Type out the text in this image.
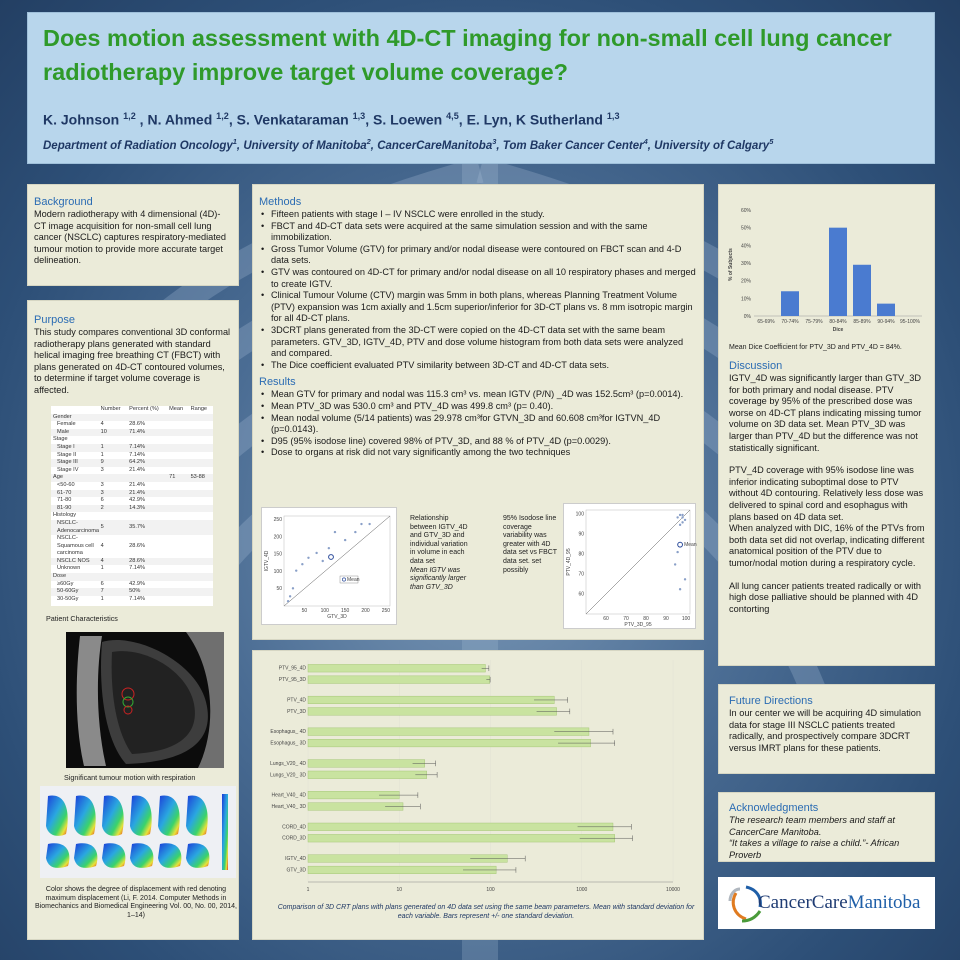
Does motion assessment with 4D-CT imaging for non-small cell lung cancer radiotherapy improve target volume coverage?
K. Johnson $^{1,2}$ , N. Ahmed $^{1,2}$, S. Venkataraman $^{1,3}$, S. Loewen $^{4,5}$, E. Lyn, K Sutherland $^{1,3}$
Department of Radiation Oncology$^1$, University of Manitoba$^2$, CancerCareManitoba$^3$, Tom Baker Cancer Center$^4$, University of Calgary$^5$
Background
Modern radiotherapy with 4 dimensional (4D)-CT image acquisition for non-small cell lung cancer (NSCLC) captures respiratory-mediated tumour motion to provide more accurate target delineation.
Purpose
This study compares conventional 3D conformal radiotherapy plans generated with standard helical imaging free breathing CT (FBCT) with plans generated on 4D-CT contoured volumes, to determine if target volume coverage is affected.
	Number	Percent (%)	Mean	Range
Gender				
Female	4	28.6%		
Male	10	71.4%		
Stage				
Stage I	1	7.14%		
Stage II	1	7.14%		
Stage III	9	64.2%		
Stage IV	3	21.4%		
Age			71	53-88
<50-60	3	21.4%		
61-70	3	21.4%		
71-80	6	42.9%		
81-90	2	14.3%		
Histology				
NSCLC-Adenocarcinoma	5	35.7%		
NSCLC-Squamous cell carcinoma	4	28.6%		
NSCLC NOS	4	28.6%		
Unknown	1	7.14%		
Dose				
≥60Gy	6	42.9%		
50-60Gy	7	50%		
30-50Gy	1	7.14%		
Patient Characteristics
Significant tumour motion with respiration
Color shows the degree of displacement with red denoting maximum displacement (Li, F. 2014. Computer Methods in Biomechanics and Biomedical Engineering Vol. 00, No. 00, 2014, 1–14)
Methods
• Fifteen patients with stage I – IV NSCLC were enrolled in the study.
• FBCT and 4D-CT data sets were acquired at the same simulation session and with the same immobilization.
• Gross Tumor Volume (GTV) for primary and/or nodal disease were contoured on FBCT scan and 4-D data sets.
• GTV was contoured on 4D-CT for primary and/or nodal disease on all 10 respiratory phases and merged to create IGTV.
• Clinical Tumour Volume (CTV) margin was 5mm in both plans, whereas Planning Treatment Volume (PTV) expansion was 1cm axially and 1.5cm superior/inferior for 3D-CT plans vs. 8 mm isotropic margin for all 4D-CT plans.
• 3DCRT plans generated from the 3D-CT were copied on the 4D-CT data set with the same beam parameters. GTV_3D, IGTV_4D, PTV and dose volume histogram from both data sets were analyzed and compared.
• The Dice coefficient evaluated PTV similarity between 3D-CT and 4D-CT data sets.
Results
• Mean GTV for primary and nodal was 115.3 cm³ vs. mean IGTV (P/N) _4D was 152.5cm³ (p=0.0014).
• Mean PTV_3D was 530.0 cm³ and PTV_4D was 499.8 cm³ (p= 0.40).
• Mean nodal volume (5/14 patients) was 29.978 cm³for GTVN_3D and 60.608 cm³for IGTVN_4D (p=0.0143).
• D95 (95% isodose line) covered 98% of PTV_3D, and 88 % of PTV_4D (p=0.0029).
• Dose to organs at risk did not vary significantly among the two techniques
50	100 150 200 250
50
100
150
200
250
GTV_3D
IGTV_4D
Mean
Relationship between IGTV_4D and GTV_3D and individual variation in volume in each data set
Mean IGTV was significantly larger than GTV_3D
95% Isodose line coverage variability was greater with 4D data set vs FBCT data set. set possibly
60	70	80	90	100
60
70
80
90
100
PTV_3D_95
PTV_4D_95
Mean
1	10	100	1000	10000
PTV_95_4D
PTV_95_3D
PTV_4D
PTV_3D
Esophagus_ 4D
Esophagus_ 3D
Lungs_V20_ 4D
Lungs_V20_ 3D
Heart_V40_ 4D
Heart_V40_ 3D
CORD_4D
CORD_3D
IGTV_4D
GTV_3D
Comparison of 3D CRT plans with plans generated on 4D data set using the same beam parameters. Mean with standard deviation for each variable. Bars represent +/- one standard deviation.
0%
10%
20%
30%
40%
50%
60%
65-69% 70-74% 75-79% 80-84% 85-89% 90-94% 95-100%
Dice
% of Subjects
Mean Dice Coefficient for PTV_3D and PTV_4D = 84%.
Discussion
IGTV_4D was significantly larger than GTV_3D for both primary and nodal disease. PTV coverage by 95% of the prescribed dose was worse on 4D-CT plans indicating missing tumor volume on 3D data set. Mean PTV_3D was larger than PTV_4D but the difference was not statistically significant.
PTV_4D coverage with 95% isodose line was inferior indicating suboptimal dose to PTV without 4D contouring. Relatively less dose was delivered to spinal cord and esophagus with plans based on 4D data set.
When analyzed with DIC, 16% of the PTVs from both data set did not overlap, indicating different anatomical position of the PTV due to tumor/nodal motion during a respiratory cycle.
All lung cancer patients treated radically or with high dose palliative should be planned with 4D contorting
Future Directions
In our center we will be acquiring 4D simulation data for stage III NSCLC patients treated radically, and prospectively compare 3DCRT versus IMRT plans for these patients.
Acknowledgments
The research team members and staff at CancerCare Manitoba.
“It takes a village to raise a child.”- African Proverb
CancerCareManitoba
